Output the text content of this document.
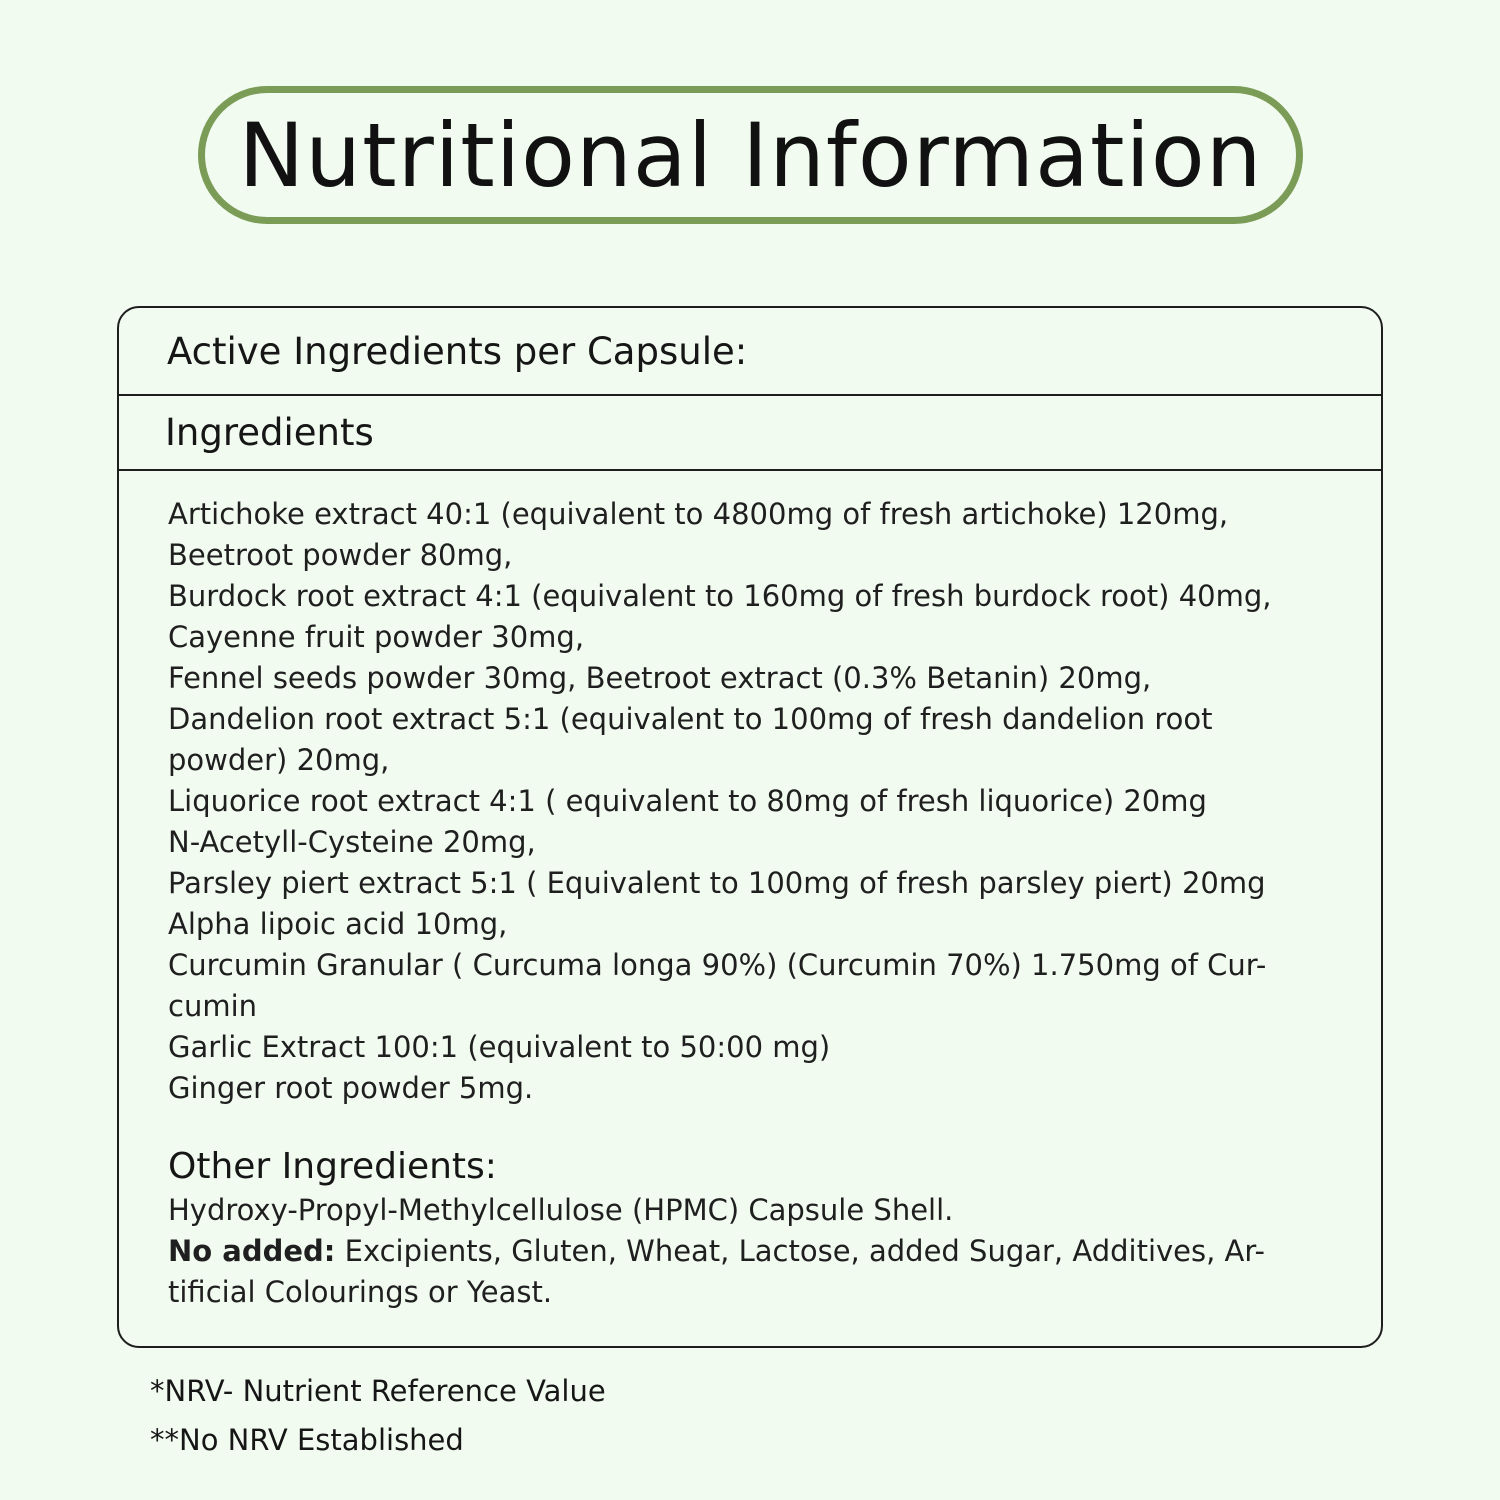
Nutritional Information
Active Ingredients per Capsule:
Ingredients
Artichoke extract 40:1 (equivalent to 4800mg of fresh artichoke) 120mg,
Beetroot powder 80mg,
Burdock root extract 4:1 (equivalent to 160mg of fresh burdock root) 40mg,
Cayenne fruit powder 30mg,
Fennel seeds powder 30mg, Beetroot extract (0.3% Betanin) 20mg,
Dandelion root extract 5:1 (equivalent to 100mg of fresh dandelion root
powder) 20mg,
Liquorice root extract 4:1 ( equivalent to 80mg of fresh liquorice) 20mg
N-Acetyll-Cysteine 20mg,
Parsley piert extract 5:1 ( Equivalent to 100mg of fresh parsley piert) 20mg
Alpha lipoic acid 10mg,
Curcumin Granular ( Curcuma longa 90%) (Curcumin 70%) 1.750mg of Cur-
cumin
Garlic Extract 100:1 (equivalent to 50:00 mg)
Ginger root powder 5mg.
Other Ingredients:
Hydroxy-Propyl-Methylcellulose (HPMC) Capsule Shell.
No added: Excipients, Gluten, Wheat, Lactose, added Sugar, Additives, Ar-
tificial Colourings or Yeast.
*NRV- Nutrient Reference Value
**No NRV Established
